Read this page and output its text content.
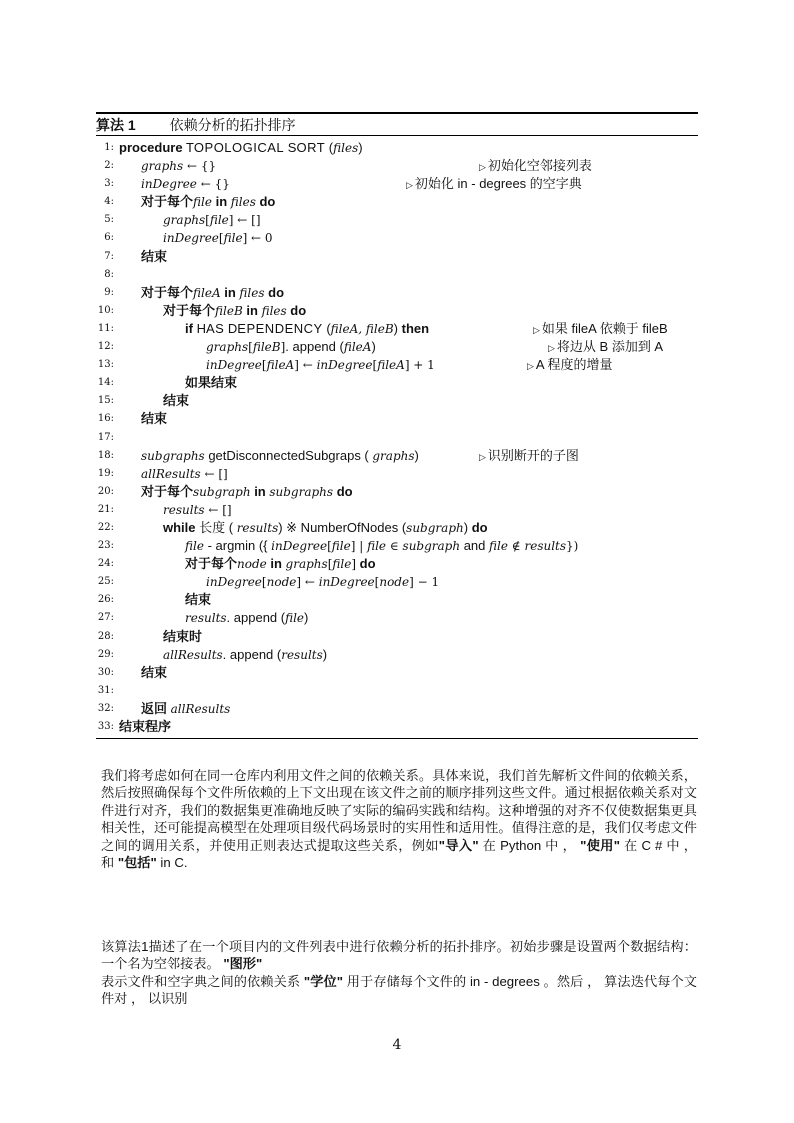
算法 1 依赖分析的拓扑排序
1: procedure TOPOLOGICAL SORT (files)
2: graphs ← {}	▷ 初始化空邻接列表
3: inDegree ← {}	▷ 初始化 in - degrees 的空字典
4: 对于每个file in files do
5:	graphs[file] ← []
6:	inDegree[file] ← 0
7: 结束
8:
9: 对于每个fileA in files do
10:	对于每个fileB in files do
11:	if HAS DEPENDENCY (fileA, fileB) then	▷ 如果 fileA 依赖于 fileB
12:	graphs[fileB]. append (fileA)	▷ 将边从 B 添加到 A
13:	inDegree[fileA] ← inDegree[fileA] + 1	▷ A 程度的增量
14:	如果结束
15:	结束
16: 结束
17:
18: subgraphs getDisconnectedSubgraps ( graphs)	▷ 识别断开的子图
19: allResults ← []
20: 对于每个subgraph in subgraphs do
21:	results ← []
22:	while 长度 ( results) ※ NumberOfNodes (subgraph) do
23:	file - argmin ({ inDegree[file] | file ∈ subgraph and file ∉ results})
24:	对于每个node in graphs[file] do
25:	inDegree[node] ← inDegree[node] − 1
26:	结束
27:	results. append (file)
28:	结束时
29:	allResults. append (results)
30: 结束
31:
32: 返回 allResults
33: 结束程序
我们将考虑如何在同一仓库内利用文件之间的依赖关系。具体来说，我们首先解析文件间的依赖关系，然后按照确保每个文件所依赖的上下文出现在该文件之前的顺序排列这些文件。通过根据依赖关系对文件进行对齐，我们的数据集更准确地反映了实际的编码实践和结构。这种增强的对齐不仅使数据集更具相关性，还可能提高模型在处理项目级代码场景时的实用性和适用性。值得注意的是，我们仅考虑文件之间的调用关系，并使用正则表达式提取这些关系，例如"导入" 在 Python 中 ， "使用" 在 C # 中 ， 和 "包括" in C.
该算法1描述了在一个项目内的文件列表中进行依赖分析的拓扑排序。初始步骤是设置两个数据结构：一个名为空邻接表。 "图形"
表示文件和空字典之间的依赖关系 "学位" 用于存储每个文件的 in - degrees 。然后 ， 算法迭代每个文件对 ， 以识别
4
